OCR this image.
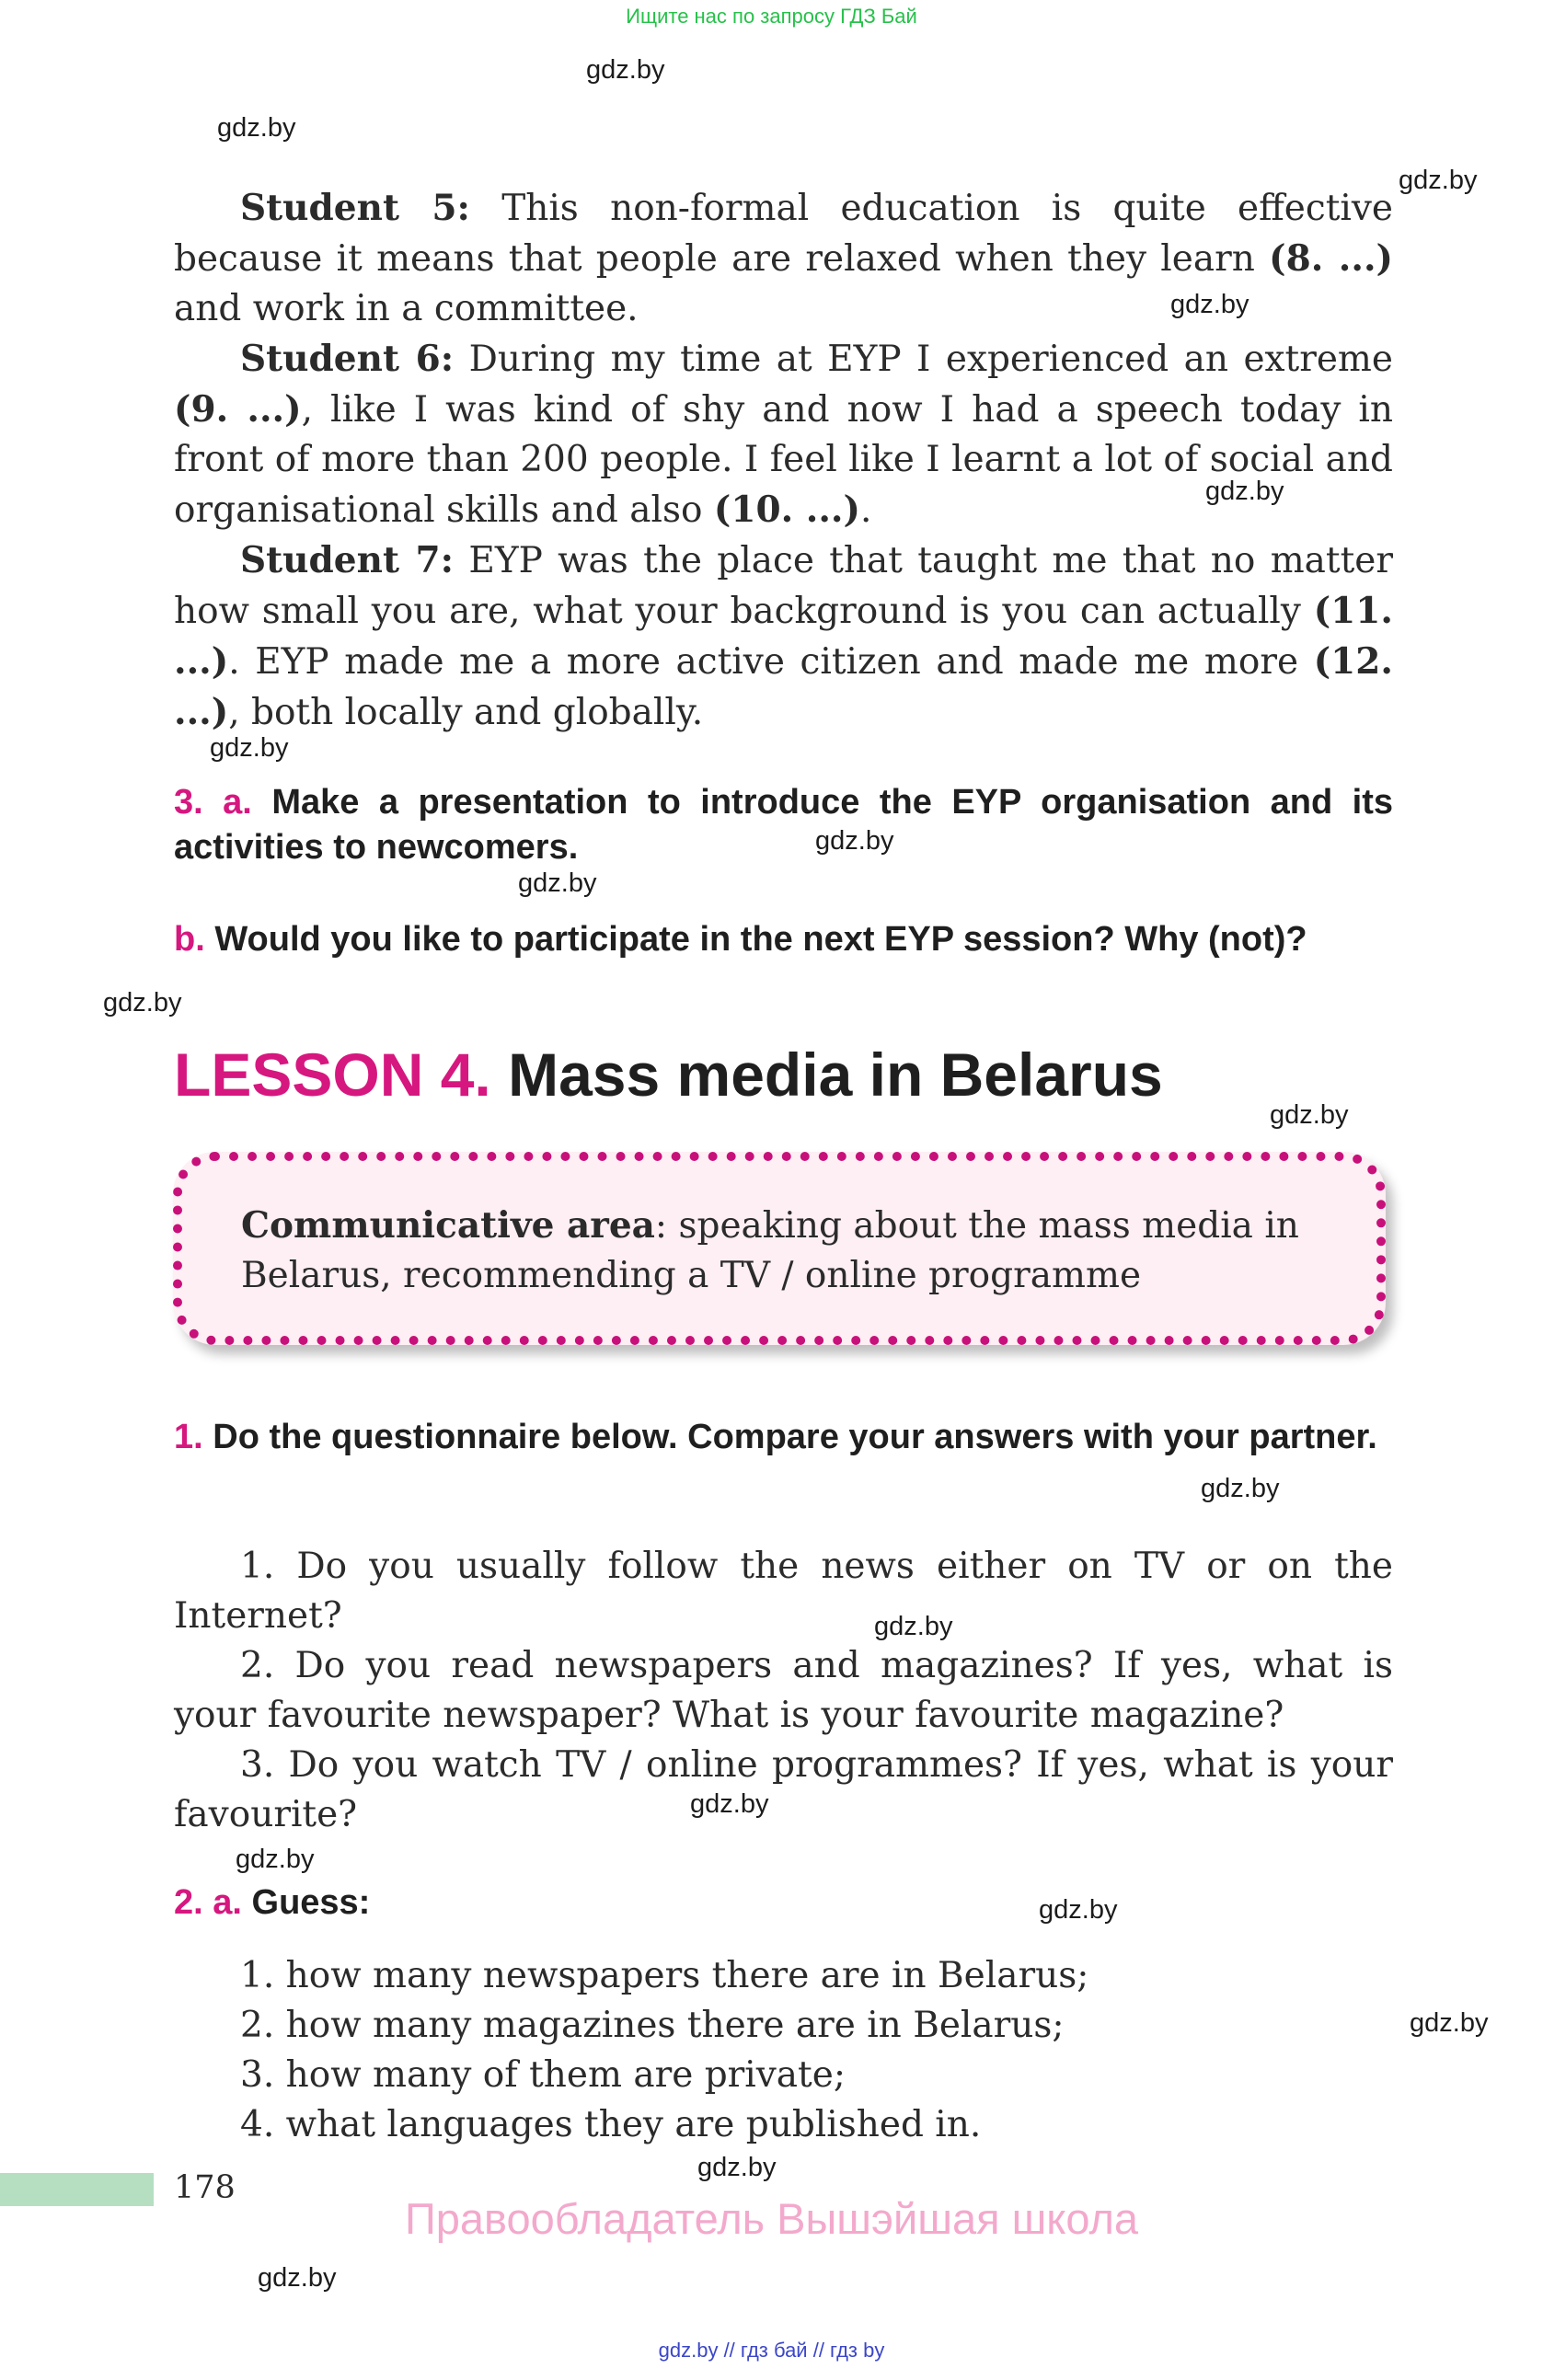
Ищите нас по запросу ГДЗ Бай
gdz.by
gdz.by
gdz.by
gdz.by
gdz.by
gdz.by
gdz.by
gdz.by
gdz.by
gdz.by
gdz.by
gdz.by
gdz.by
gdz.by
gdz.by
gdz.by
gdz.by
gdz.by

Student 5: This non-formal education is quite effective because it means that people are relaxed when they learn (8. ...) and work in a committee.

Student 6: During my time at EYP I experienced an extreme (9. ...), like I was kind of shy and now I had a speech today in front of more than 200 people. I feel like I learnt a lot of social and organisational skills and also (10. ...).

Student 7: EYP was the place that taught me that no matter how small you are, what your background is you can actually (11. ...). EYP made me a more active citizen and made me more (12. ...), both locally and globally.

3. a. Make a presentation to introduce the EYP organisation and its activities to newcomers.
b. Would you like to participate in the next EYP session? Why (not)?
LESSON 4. Mass media in Belarus
Communicative area: speaking about the mass media in Belarus, recommending a TV / online programme
1. Do the questionnaire below. Compare your answers with your partner.

1. Do you usually follow the news either on TV or on the Internet?

2. Do you read newspapers and magazines? If yes, what is your favourite newspaper? What is your favourite magazine?

3. Do you watch TV / online programmes? If yes, what is your favourite?

2. a. Guess:
1. how many newspapers there are in Belarus;
2. how many magazines there are in Belarus;
3. how many of them are private;
4. what languages they are published in.
178
Правообладатель Вышэйшая школа
gdz.by // гдз бай // гдз by
